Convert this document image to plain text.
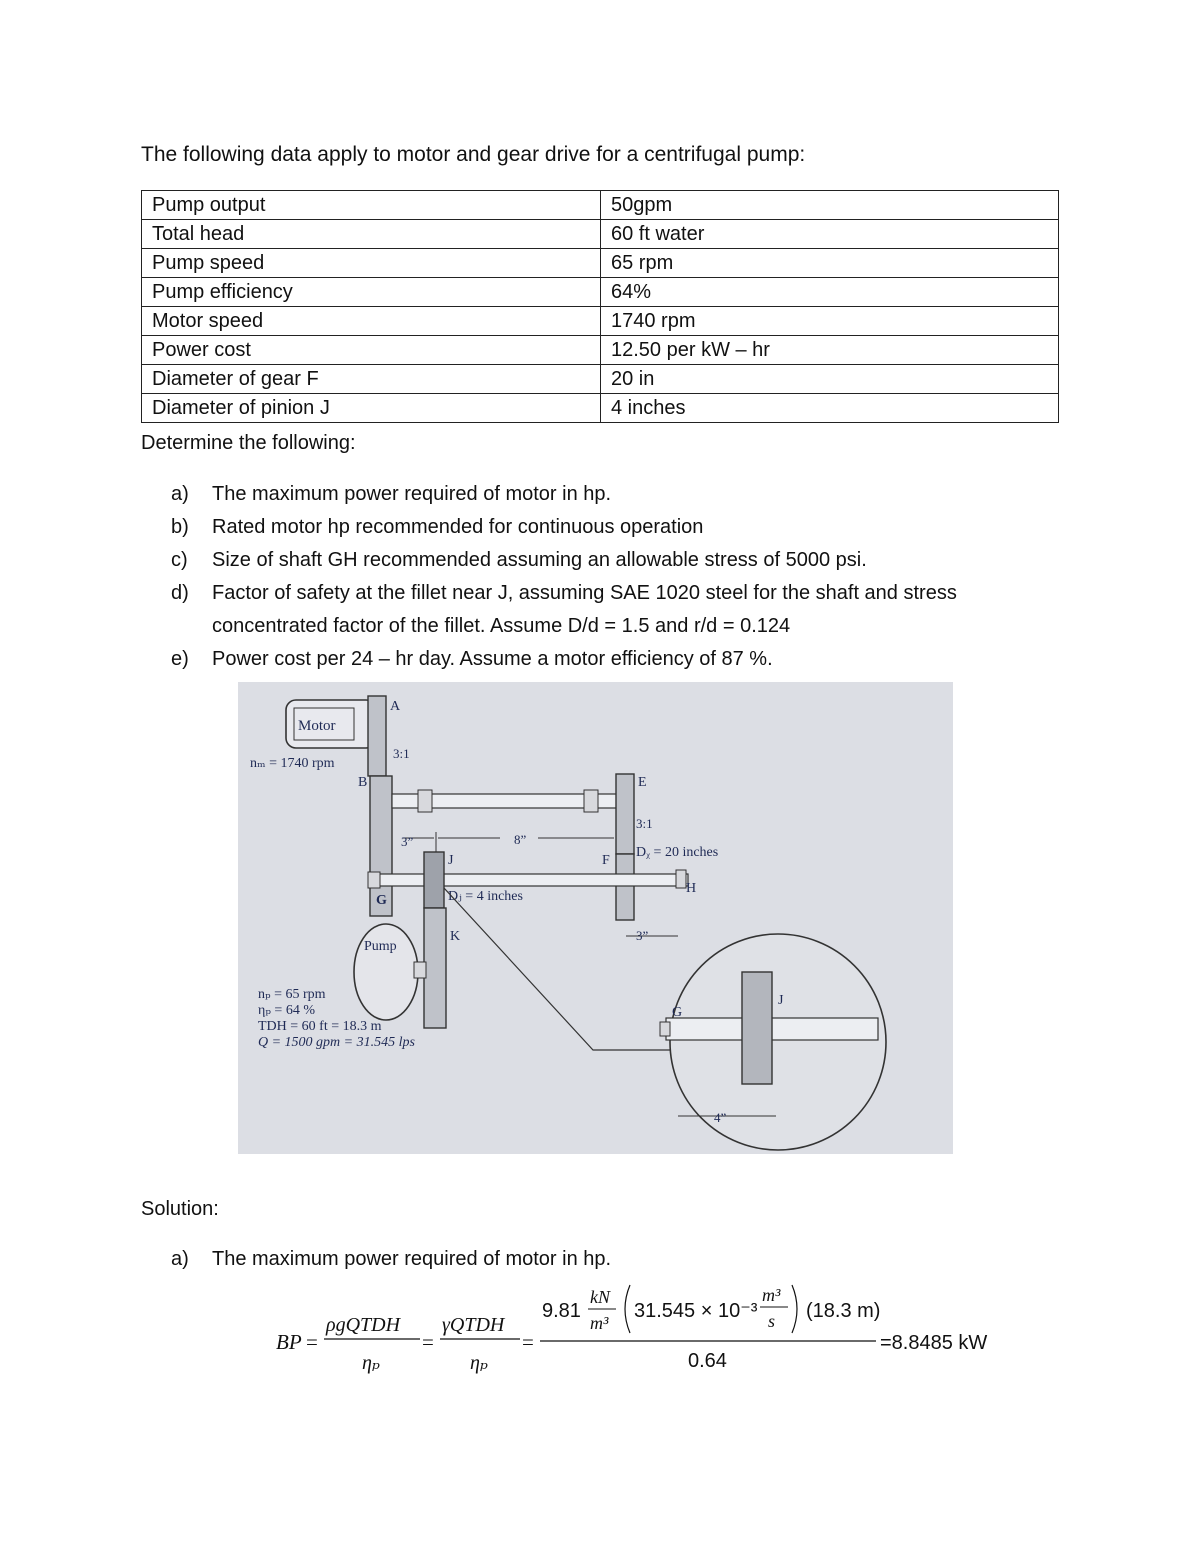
The following data apply to motor and gear drive for a centrifugal pump:
Pump output	50gpm
Total head	60 ft water
Pump speed	65 rpm
Pump efficiency	64%
Motor speed	1740 rpm
Power cost	12.50 per kW – hr
Diameter of gear F	20 in
Diameter of pinion J	4 inches
Determine the following:
a) The maximum power required of motor in hp.
b) Rated motor hp recommended for continuous operation
c) Size of shaft GH recommended assuming an allowable stress of 5000 psi.
d) Factor of safety at the fillet near J, assuming SAE 1020 steel for the shaft and stress concentrated factor of the fillet. Assume D/d = 1.5 and r/d = 0.124
e) Power cost per 24 – hr day. Assume a motor efficiency of 87 %.
Motor
nₘ = 1740 rpm
A
3:1
B	E
3:1
F
Dᵪ = 20 inches
3”	8”
G
H
J
Dⱼ = 4 inches
K	3”
Pump
nₚ = 65 rpm
ηₚ = 64 %
TDH = 60 ft = 18.3 m
Q = 1500 gpm = 31.545 lps
G
J
4”
Solution:
a) The maximum power required of motor in hp.
BP =
ρgQTDH
ηₚ
=
γQTDH
ηₚ
=
9.81
kN
m³
31.545 × 10⁻³
m³
s (18.3 m)
0.64
=8.8485 kW
